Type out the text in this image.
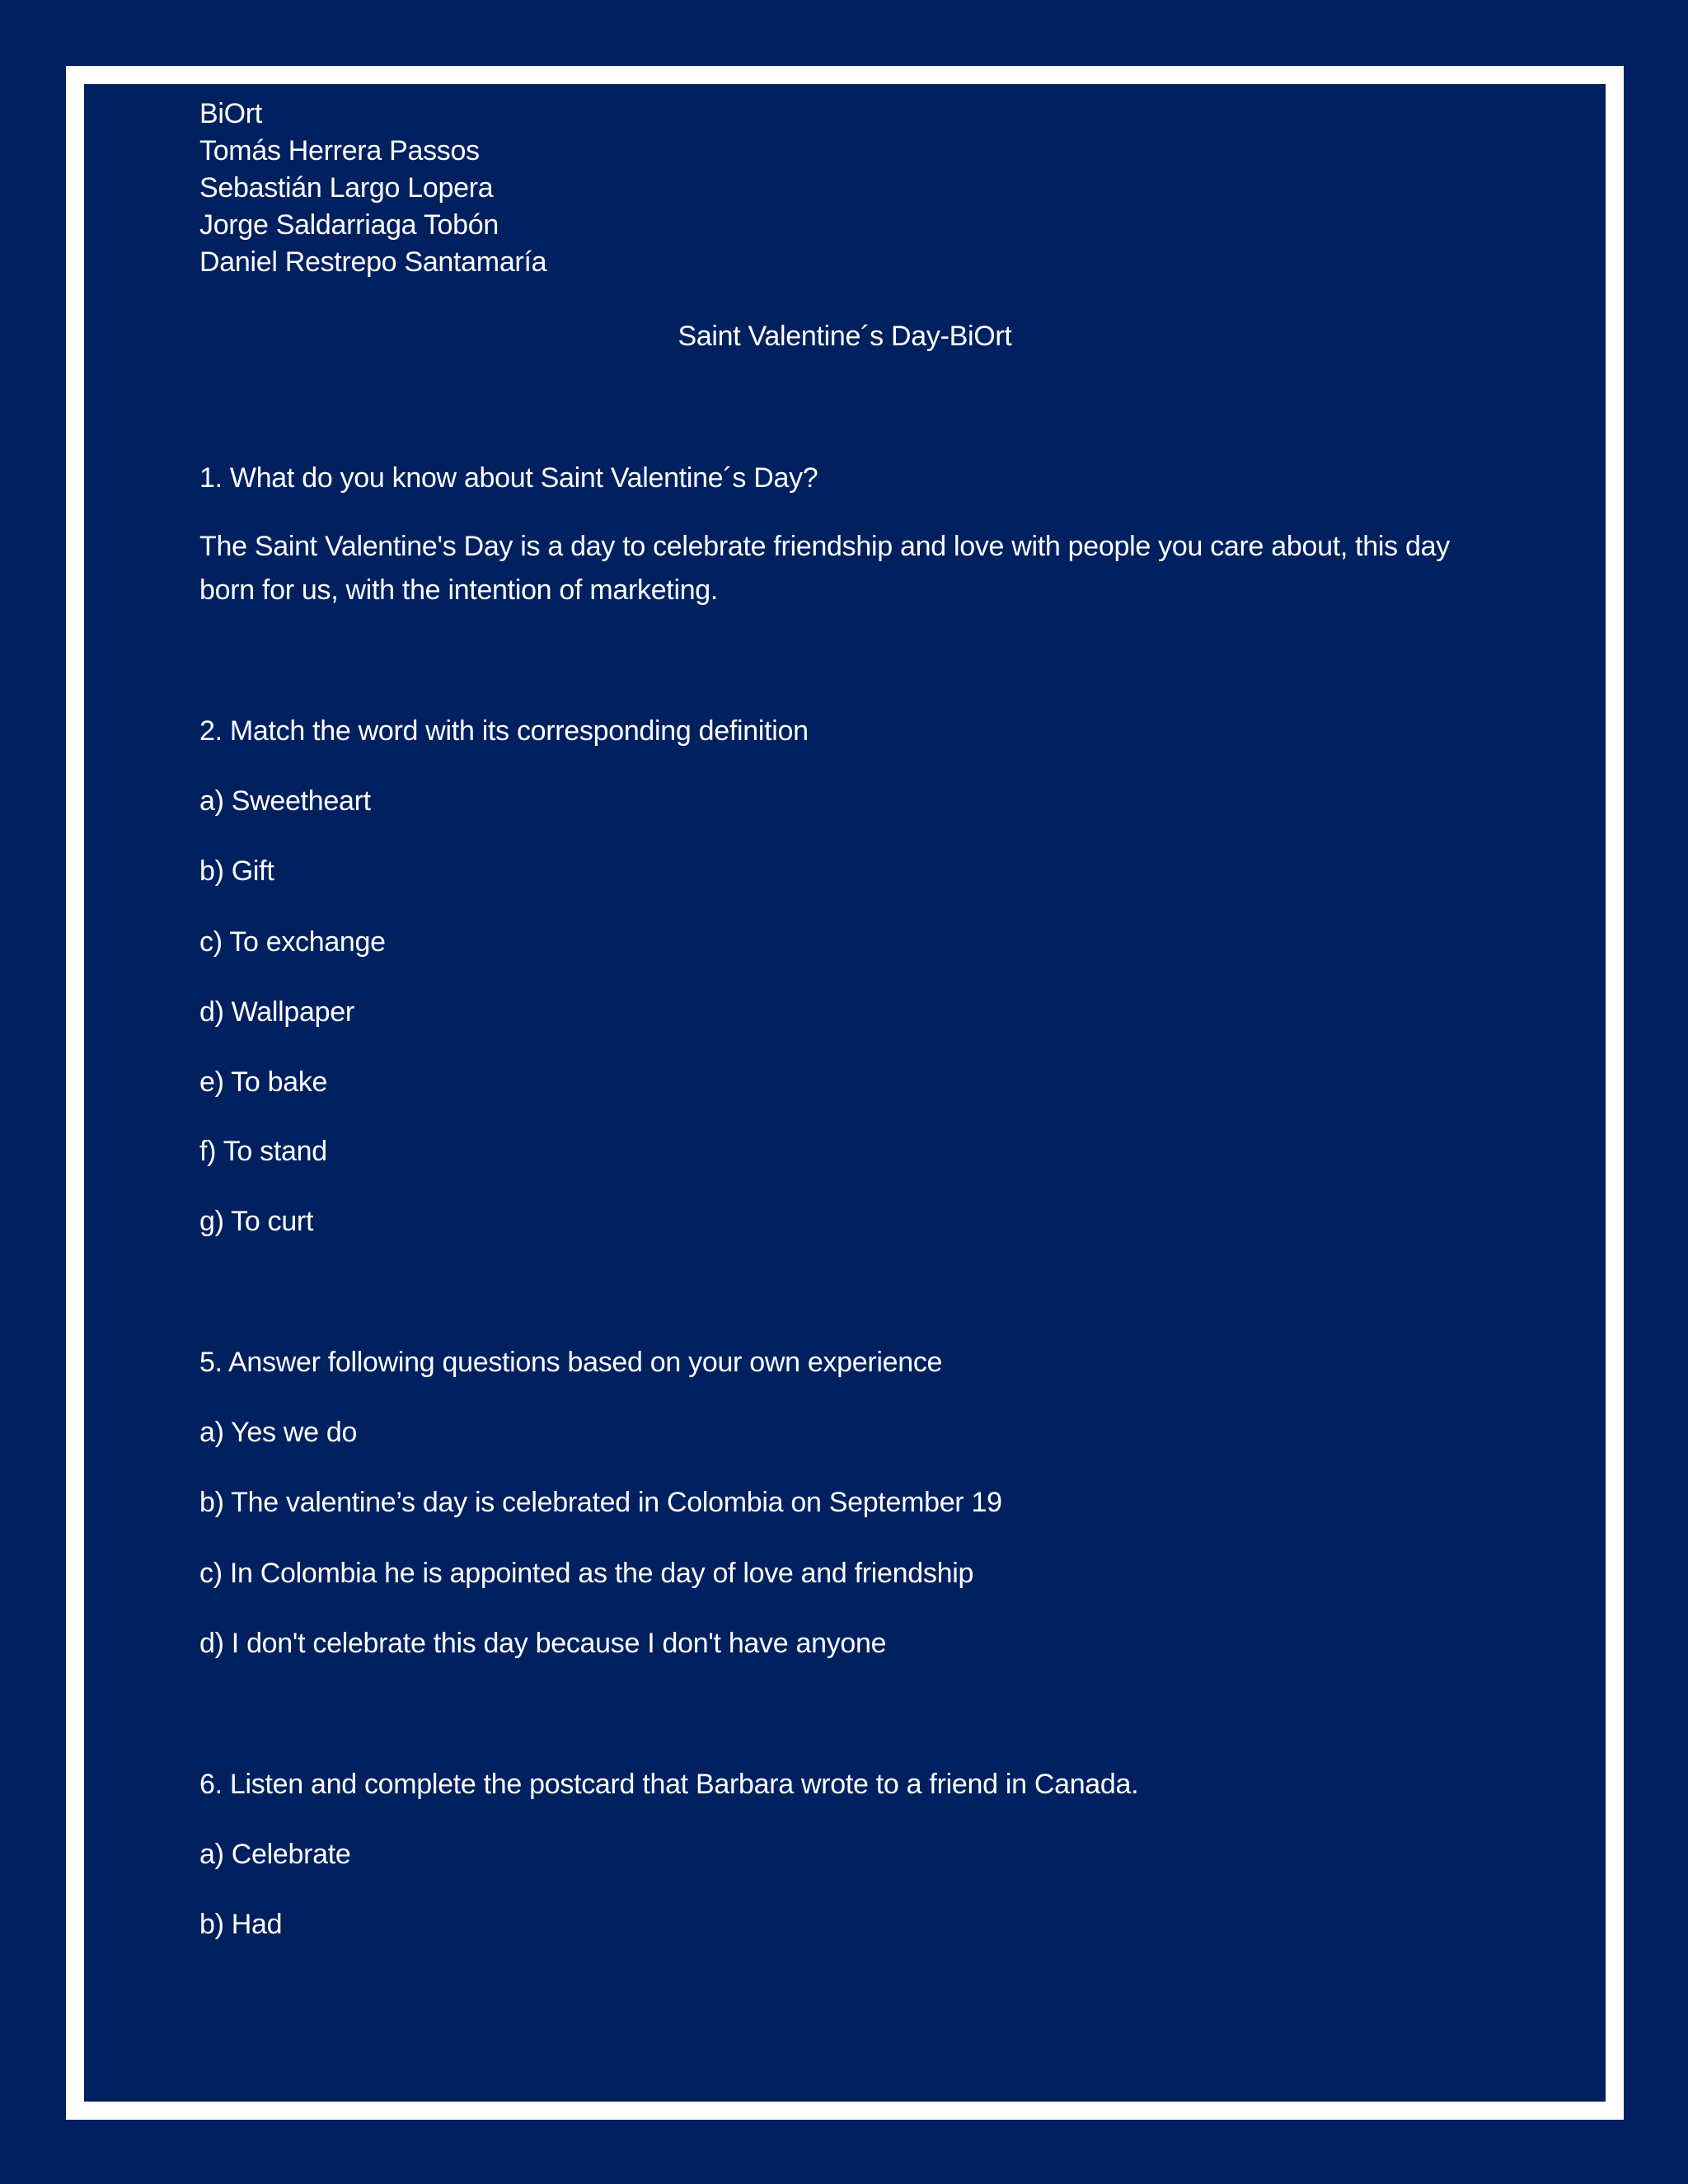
BiOrt
Tomás Herrera Passos
Sebastián Largo Lopera
Jorge Saldarriaga Tobón
Daniel Restrepo Santamaría
Saint Valentine´s Day-BiOrt
1. What do you know about Saint Valentine´s Day?
The Saint Valentine's Day is a day to celebrate friendship and love with people you care about, this day born for us, with the intention of marketing.
2. Match the word with its corresponding definition
a) Sweetheart
b) Gift
c) To exchange
d) Wallpaper
e) To bake
f) To stand
g) To curt
5. Answer following questions based on your own experience
a) Yes we do
b) The valentine’s day is celebrated in Colombia on September 19
c) In Colombia he is appointed as the day of love and friendship
d) I don't celebrate this day because I don't have anyone
6. Listen and complete the postcard that Barbara wrote to a friend in Canada.
a) Celebrate
b) Had
